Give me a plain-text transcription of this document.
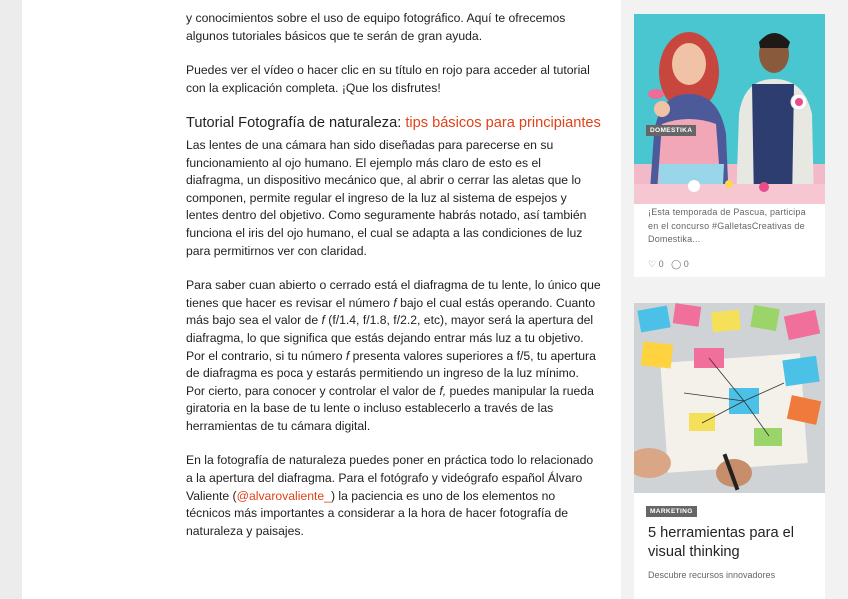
y conocimientos sobre el uso de equipo fotográfico. Aquí te ofrecemos algunos tutoriales básicos que te serán de gran ayuda.

Puedes ver el vídeo o hacer clic en su título en rojo para acceder al tutorial con la explicación completa. ¡Que los disfrutes!

Tutorial Fotografía de naturaleza: tips básicos para principiantes

Las lentes de una cámara han sido diseñadas para parecerse en su funcionamiento al ojo humano. El ejemplo más claro de esto es el diafragma, un dispositivo mecánico que, al abrir o cerrar las aletas que lo componen, permite regular el ingreso de la luz al sistema de espejos y lentes dentro del objetivo. Como seguramente habrás notado, así también funciona el iris del ojo humano, el cual se adapta a las condiciones de luz para permitirnos ver con claridad.

Para saber cuan abierto o cerrado está el diafragma de tu lente, lo único que tienes que hacer es revisar el número f bajo el cual estás operando. Cuanto más bajo sea el valor de f (f/1.4, f/1.8, f/2.2, etc), mayor será la apertura del diafragma, lo que significa que estás dejando entrar más luz a tu objetivo. Por el contrario, si tu número f presenta valores superiores a f/5, tu apertura de diafragma es poca y estarás permitiendo un ingreso de la luz mínimo. Por cierto, para conocer y controlar el valor de f, puedes manipular la rueda giratoria en la base de tu lente o incluso establecerlo a través de las herramientas de tu cámara digital.

En la fotografía de naturaleza puedes poner en práctica todo lo relacionado a la apertura del diafragma. Para el fotógrafo y videógrafo español Álvaro Valiente (@alvarovaliente_) la paciencia es uno de los elementos no técnicos más importantes a considerar a la hora de hacer fotografía de naturaleza y paisajes.

DOMESTIKA
¡Esta temporada de Pascua, participa en el concurso #GalletasCreativas de Domestika...
♡ 0 ◯ 0
MARKETING
5 herramientas para el visual thinking
Descubre recursos innovadores
